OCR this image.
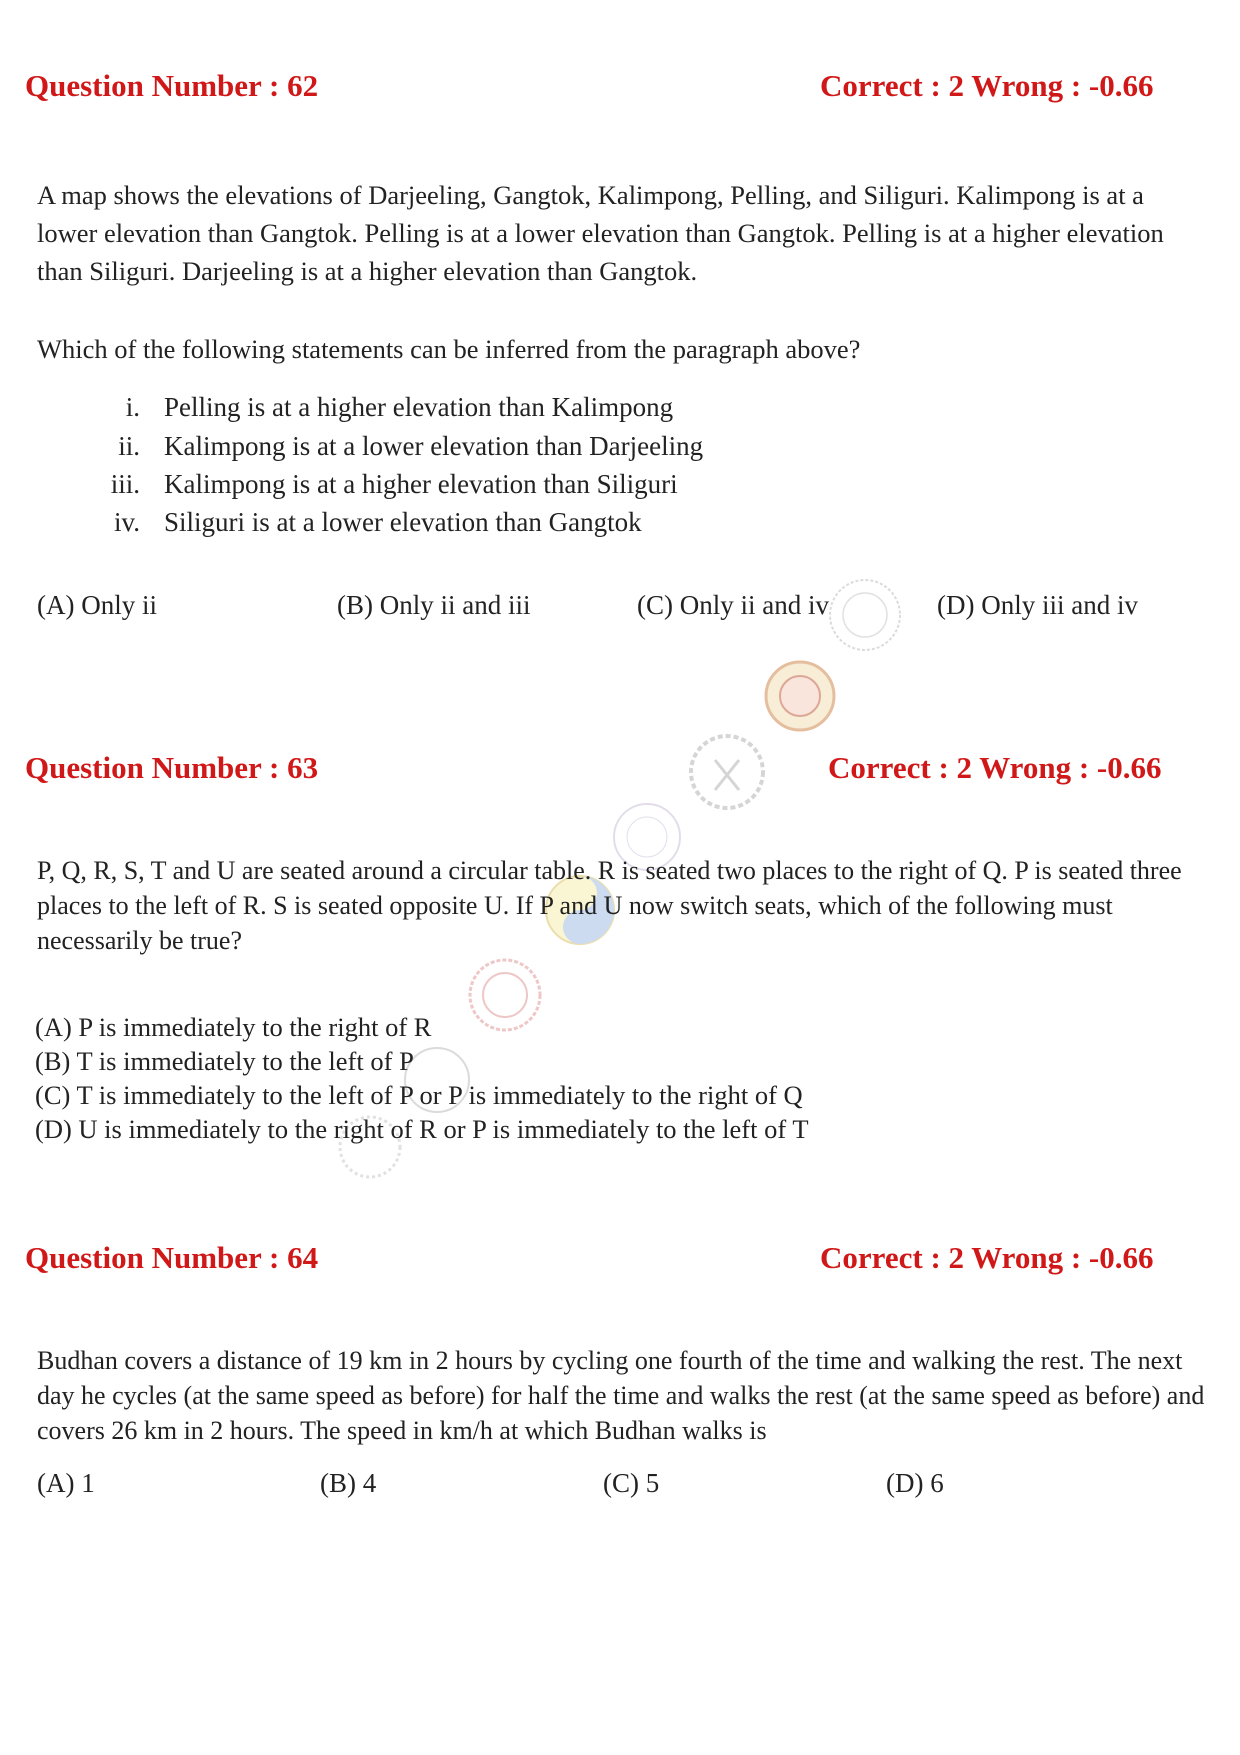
Question Number : 62	Correct : 2 Wrong : -0.66

A map shows the elevations of Darjeeling, Gangtok, Kalimpong, Pelling, and Siliguri. Kalimpong is at a lower elevation than Gangtok. Pelling is at a lower elevation than Gangtok. Pelling is at a higher elevation than Siliguri. Darjeeling is at a higher elevation than Gangtok.

Which of the following statements can be inferred from the paragraph above?

i. Pelling is at a higher elevation than Kalimpong
ii. Kalimpong is at a lower elevation than Darjeeling
iii. Kalimpong is at a higher elevation than Siliguri
iv. Siliguri is at a lower elevation than Gangtok
(A) Only ii	(B) Only ii and iii	(C) Only ii and iv	(D) Only iii and iv
Question Number : 63	Correct : 2 Wrong : -0.66

P, Q, R, S, T and U are seated around a circular table. R is seated two places to the right of Q. P is seated three places to the left of R. S is seated opposite U. If P and U now switch seats, which of the following must necessarily be true?

(A) P is immediately to the right of R
(B) T is immediately to the left of P
(C) T is immediately to the left of P or P is immediately to the right of Q
(D) U is immediately to the right of R or P is immediately to the left of T
Question Number : 64	Correct : 2 Wrong : -0.66

Budhan covers a distance of 19 km in 2 hours by cycling one fourth of the time and walking the rest. The next day he cycles (at the same speed as before) for half the time and walks the rest (at the same speed as before) and covers 26 km in 2 hours. The speed in km/h at which Budhan walks is

(A) 1	(B) 4	(C) 5	(D) 6
